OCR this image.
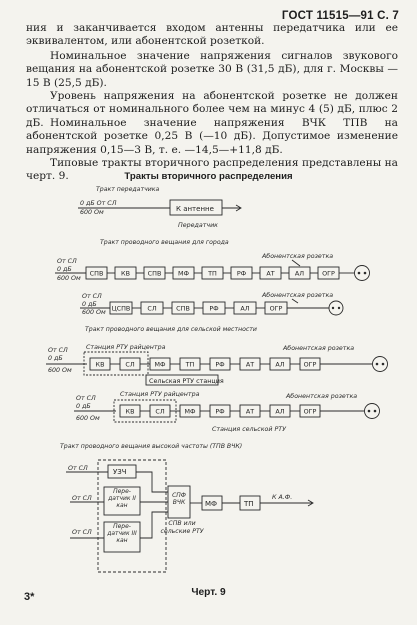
ГОСТ 11515—91 С. 7
ния и заканчивается входом антенны передатчика или ее эквивалентом, или абонентской розеткой.
Номинальное значение напряжения сигналов звукового вещания на абонентской розетке 30 В (31,5 дБ), для г. Москвы — 15 В (25,5 дБ).
Уровень напряжения на абонентской розетке не должен отличаться от номинального более чем на минус 4 (5) дБ, плюс 2 дБ. Номинальное значение напряжения ВЧК ТПВ на абонентской розетке 0,25 В (—10 дБ). Допустимое изменение напряжения 0,15—3 В, т. е. —14,5—+11,8 дБ.
Типовые тракты вторичного распределения представлены на черт. 9.	Тракты вторичного распределения
Тракт передатчика
0 дБ От СЛ
600 Ом	К антенне
Передатчик
Тракт проводного вещания для города
От СЛ
0 дБ
600 Ом
СПВ	КВ	СПВ	МФ	ТП	РФ	АТ	АЛ	ОГР
Абонентская розетка
От СЛ
0 дБ
600 Ом ЦСПВ	СЛ	СПВ	РФ	АЛ	ОГР
Абонентская розетка
Тракт проводного вещания для сельской местности
Станция РТУ райцентра
От СЛ
0 дБ
600 Ом
КВ	СЛ	МФ	ТП	РФ	АТ	АЛ	ОГР
Сельская РТУ станция
Абонентская розетка
Станция РТУ райцентра
От СЛ
0 дБ
600 Ом
КВ	СЛ	МФ	РФ	АТ	АЛ	ОГР
Станция сельской РТУ
Абонентская розетка
Тракт проводного вещания высокой частоты (ТПВ ВЧК)
От СЛ
От СЛ
От СЛ
УЗЧ
Пере-датчик II кан
Пере-датчик III кан
СПФ ВЧК	МФ	ТП
К А.Ф.
СПВ или сельские РТУ
Черт. 9
3*
